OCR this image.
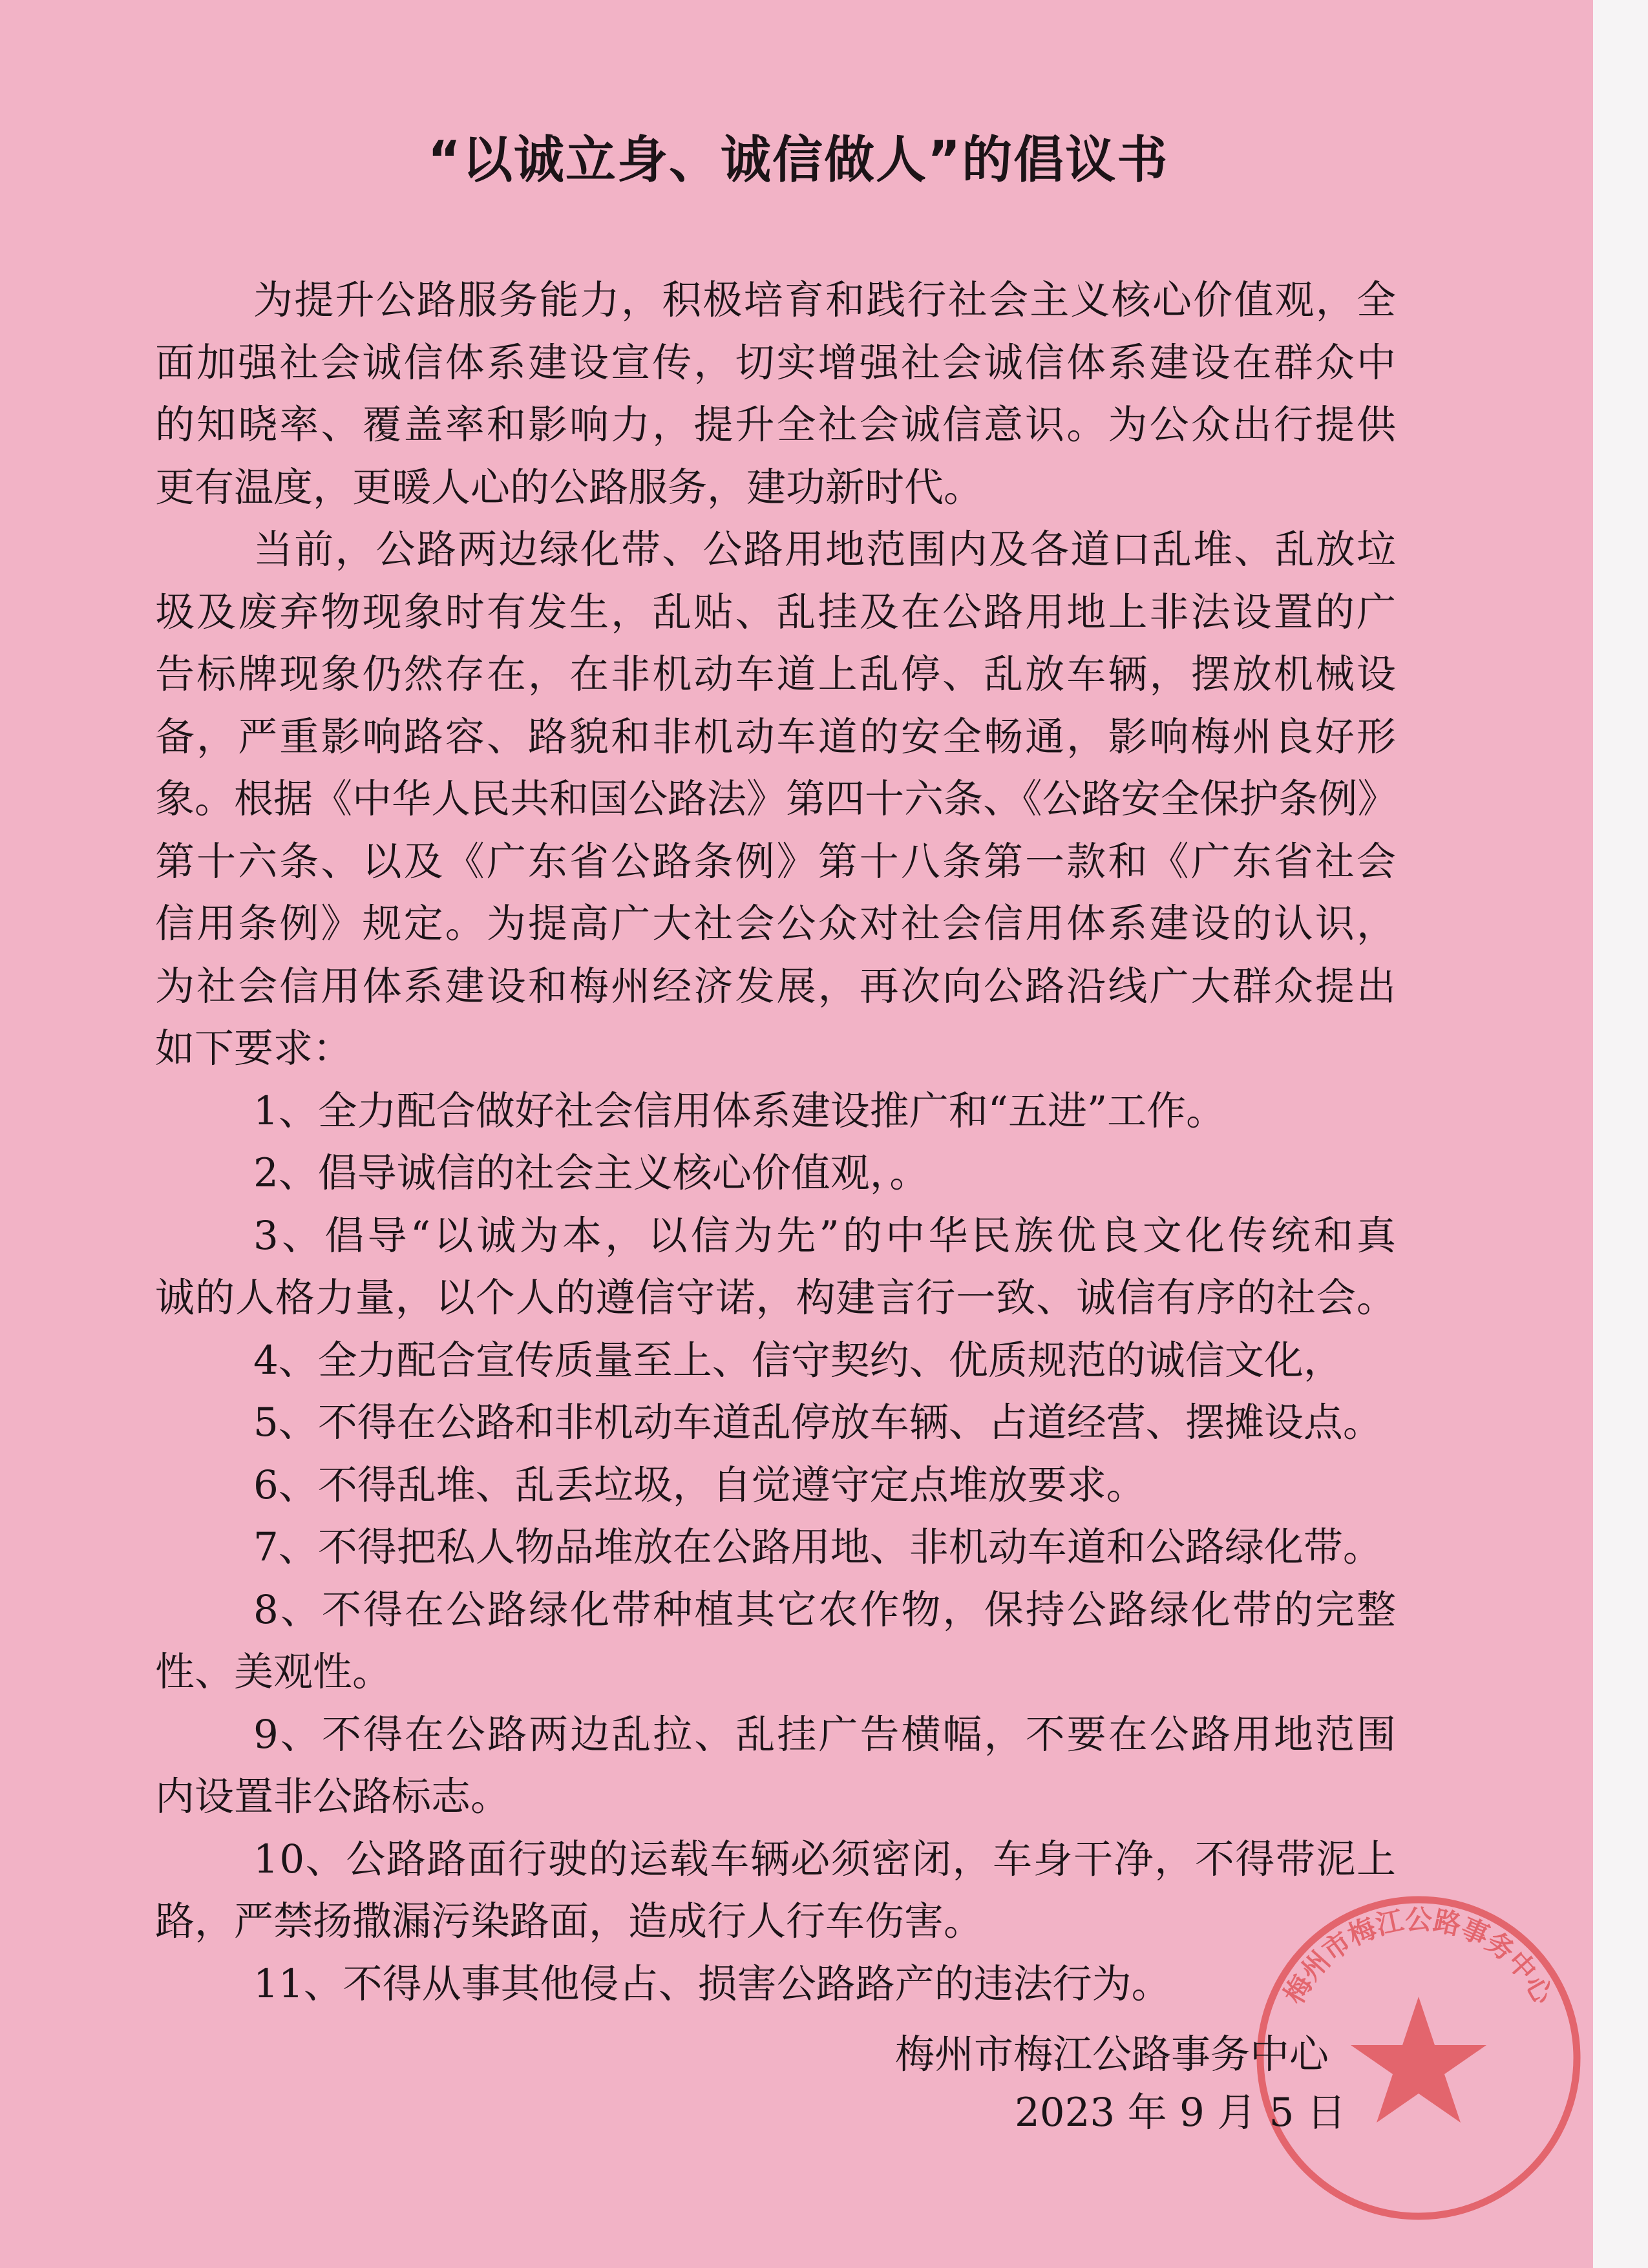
“以诚立身、诚信做人”的倡议书
为提升公路服务能力，积极培育和践行社会主义核心价值观，全
面加强社会诚信体系建设宣传，切实增强社会诚信体系建设在群众中
的知晓率、覆盖率和影响力，提升全社会诚信意识。为公众出行提供
更有温度，更暖人心的公路服务，建功新时代。
当前，公路两边绿化带、公路用地范围内及各道口乱堆、乱放垃
圾及废弃物现象时有发生，乱贴、乱挂及在公路用地上非法设置的广
告标牌现象仍然存在，在非机动车道上乱停、乱放车辆，摆放机械设
备，严重影响路容、路貌和非机动车道的安全畅通，影响梅州良好形
象。根据《中华人民共和国公路法》第四十六条、《公路安全保护条例》
第十六条、以及《广东省公路条例》第十八条第一款和《广东省社会
信用条例》规定。为提高广大社会公众对社会信用体系建设的认识，
为社会信用体系建设和梅州经济发展，再次向公路沿线广大群众提出
如下要求：
1、全力配合做好社会信用体系建设推广和“五进”工作。
2、倡导诚信的社会主义核心价值观，。
3、倡导“以诚为本，以信为先”的中华民族优良文化传统和真
诚的人格力量，以个人的遵信守诺，构建言行一致、诚信有序的社会。
4、全力配合宣传质量至上、信守契约、优质规范的诚信文化，
5、不得在公路和非机动车道乱停放车辆、占道经营、摆摊设点。
6、不得乱堆、乱丢垃圾，自觉遵守定点堆放要求。
7、不得把私人物品堆放在公路用地、非机动车道和公路绿化带。
8、不得在公路绿化带种植其它农作物，保持公路绿化带的完整
性、美观性。
9、不得在公路两边乱拉、乱挂广告横幅，不要在公路用地范围
内设置非公路标志。
10、公路路面行驶的运载车辆必须密闭，车身干净，不得带泥上
路，严禁扬撒漏污染路面，造成行人行车伤害。
11、不得从事其他侵占、损害公路路产的违法行为。	梅州市梅江公路事务中心
梅州市梅江公路事务中心
2023 年 9 月 5 日
